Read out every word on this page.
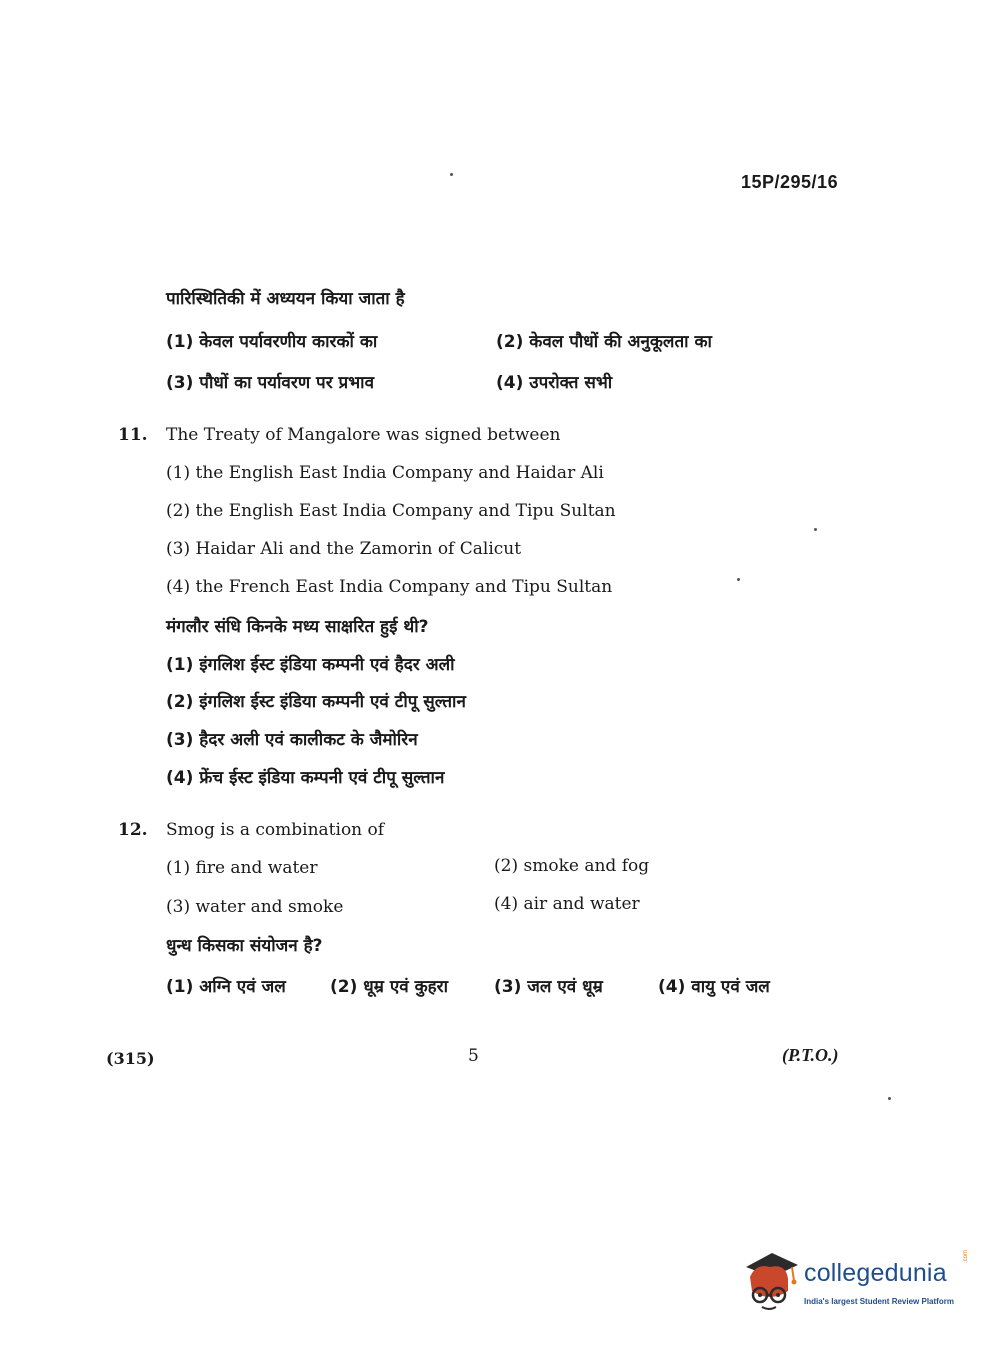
15P/295/16
पारिस्थितिकी में अध्ययन किया जाता है
(1) केवल पर्यावरणीय कारकों का	(2) केवल पौधों की अनुकूलता का
(3) पौधों का पर्यावरण पर प्रभाव	(4) उपरोक्त सभी
11. The Treaty of Mangalore was signed between
(1) the English East India Company and Haidar Ali
(2) the English East India Company and Tipu Sultan
(3) Haidar Ali and the Zamorin of Calicut
(4) the French East India Company and Tipu Sultan
मंगलौर संधि किनके मध्य साक्षरित हुई थी?
(1) इंगलिश ईस्ट इंडिया कम्पनी एवं हैदर अली
(2) इंगलिश ईस्ट इंडिया कम्पनी एवं टीपू सुल्तान
(3) हैदर अली एवं कालीकट के जैमोरिन
(4) फ्रेंच ईस्ट इंडिया कम्पनी एवं टीपू सुल्तान
12. Smog is a combination of
(1) fire and water	(2) smoke and fog
(3) water and smoke	(4) air and water
धुन्ध किसका संयोजन है?
(1) अग्नि एवं जल	(2) धूम्र एवं कुहरा	(3) जल एवं धूम्र	(4) वायु एवं जल
(315)	5	(P.T.O.)
collegedunia
.com
India's largest Student Review Platform
